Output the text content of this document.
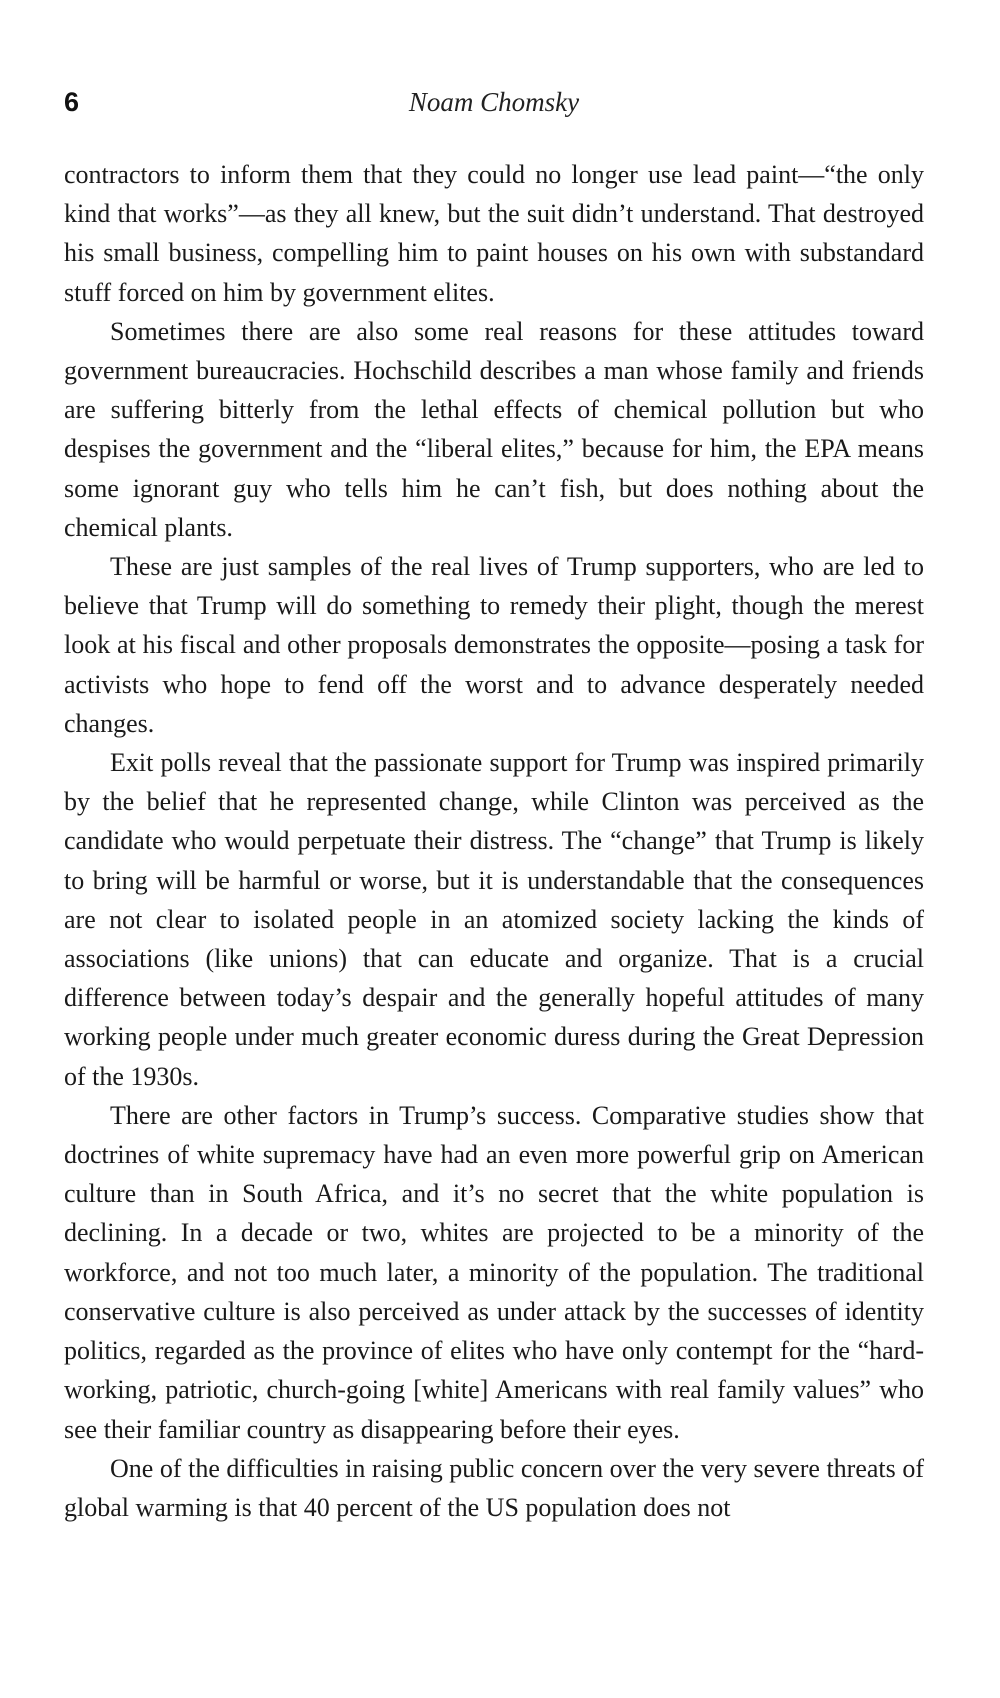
6	Noam Chomsky

contractors to inform them that they could no longer use lead paint—“the only kind that works”—as they all knew, but the suit didn’t understand. That destroyed his small business, compelling him to paint houses on his own with substandard stuff forced on him by government elites.

Sometimes there are also some real reasons for these attitudes toward government bureaucracies. Hochschild describes a man whose family and friends are suffering bitterly from the lethal effects of chemical pollution but who despises the government and the “liberal elites,” because for him, the EPA means some ignorant guy who tells him he can’t fish, but does nothing about the chemical plants.

These are just samples of the real lives of Trump supporters, who are led to believe that Trump will do something to remedy their plight, though the merest look at his fiscal and other proposals demonstrates the opposite—posing a task for activists who hope to fend off the worst and to advance desperately needed changes.

Exit polls reveal that the passionate support for Trump was inspired primarily by the belief that he represented change, while Clinton was perceived as the candidate who would perpetuate their distress. The “change” that Trump is likely to bring will be harmful or worse, but it is understandable that the consequences are not clear to isolated people in an atomized society lacking the kinds of associations (like unions) that can educate and organize. That is a crucial difference between today’s despair and the generally hopeful attitudes of many working people under much greater economic duress during the Great Depression of the 1930s.

There are other factors in Trump’s success. Comparative studies show that doctrines of white supremacy have had an even more powerful grip on American culture than in South Africa, and it’s no secret that the white population is declining. In a decade or two, whites are projected to be a minority of the workforce, and not too much later, a minority of the population. The traditional conservative culture is also perceived as under attack by the successes of identity politics, regarded as the province of elites who have only contempt for the “hard-working, patriotic, church-going [white] Americans with real family values” who see their familiar country as disappearing before their eyes.

One of the difficulties in raising public concern over the very severe threats of global warming is that 40 percent of the US population does not
